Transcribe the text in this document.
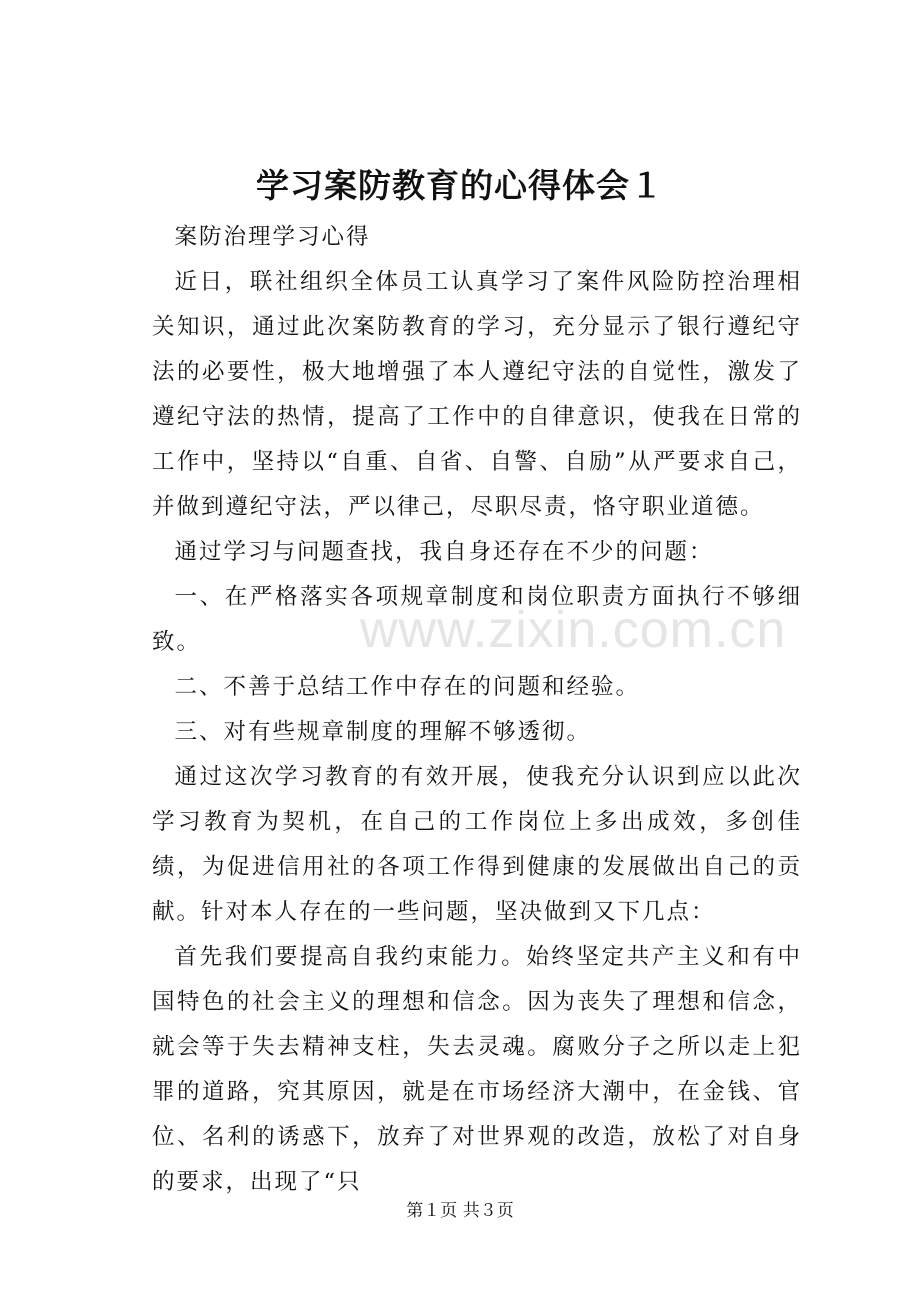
学习案防教育的心得体会１

案防治理学习心得

近日，联社组织全体员工认真学习了案件风险防控治理相关知识，通过此次案防教育的学习，充分显示了银行遵纪守法的必要性，极大地增强了本人遵纪守法的自觉性，激发了遵纪守法的热情，提高了工作中的自律意识，使我在日常的工作中，坚持以“自重、自省、自警、自励”从严要求自己，并做到遵纪守法，严以律己，尽职尽责，恪守职业道德。

通过学习与问题查找，我自身还存在不少的问题：

一、在严格落实各项规章制度和岗位职责方面执行不够细致。

二、不善于总结工作中存在的问题和经验。

三、对有些规章制度的理解不够透彻。

通过这次学习教育的有效开展，使我充分认识到应以此次学习教育为契机，在自己的工作岗位上多出成效，多创佳绩，为促进信用社的各项工作得到健康的发展做出自己的贡献。针对本人存在的一些问题，坚决做到又下几点：

首先我们要提高自我约束能力。始终坚定共产主义和有中国特色的社会主义的理想和信念。因为丧失了理想和信念，就会等于失去精神支柱，失去灵魂。腐败分子之所以走上犯罪的道路，究其原因，就是在市场经济大潮中，在金钱、官位、名利的诱惑下，放弃了对世界观的改造，放松了对自身的要求，出现了“只

www.zixin.com.cn
第１页 共３页
